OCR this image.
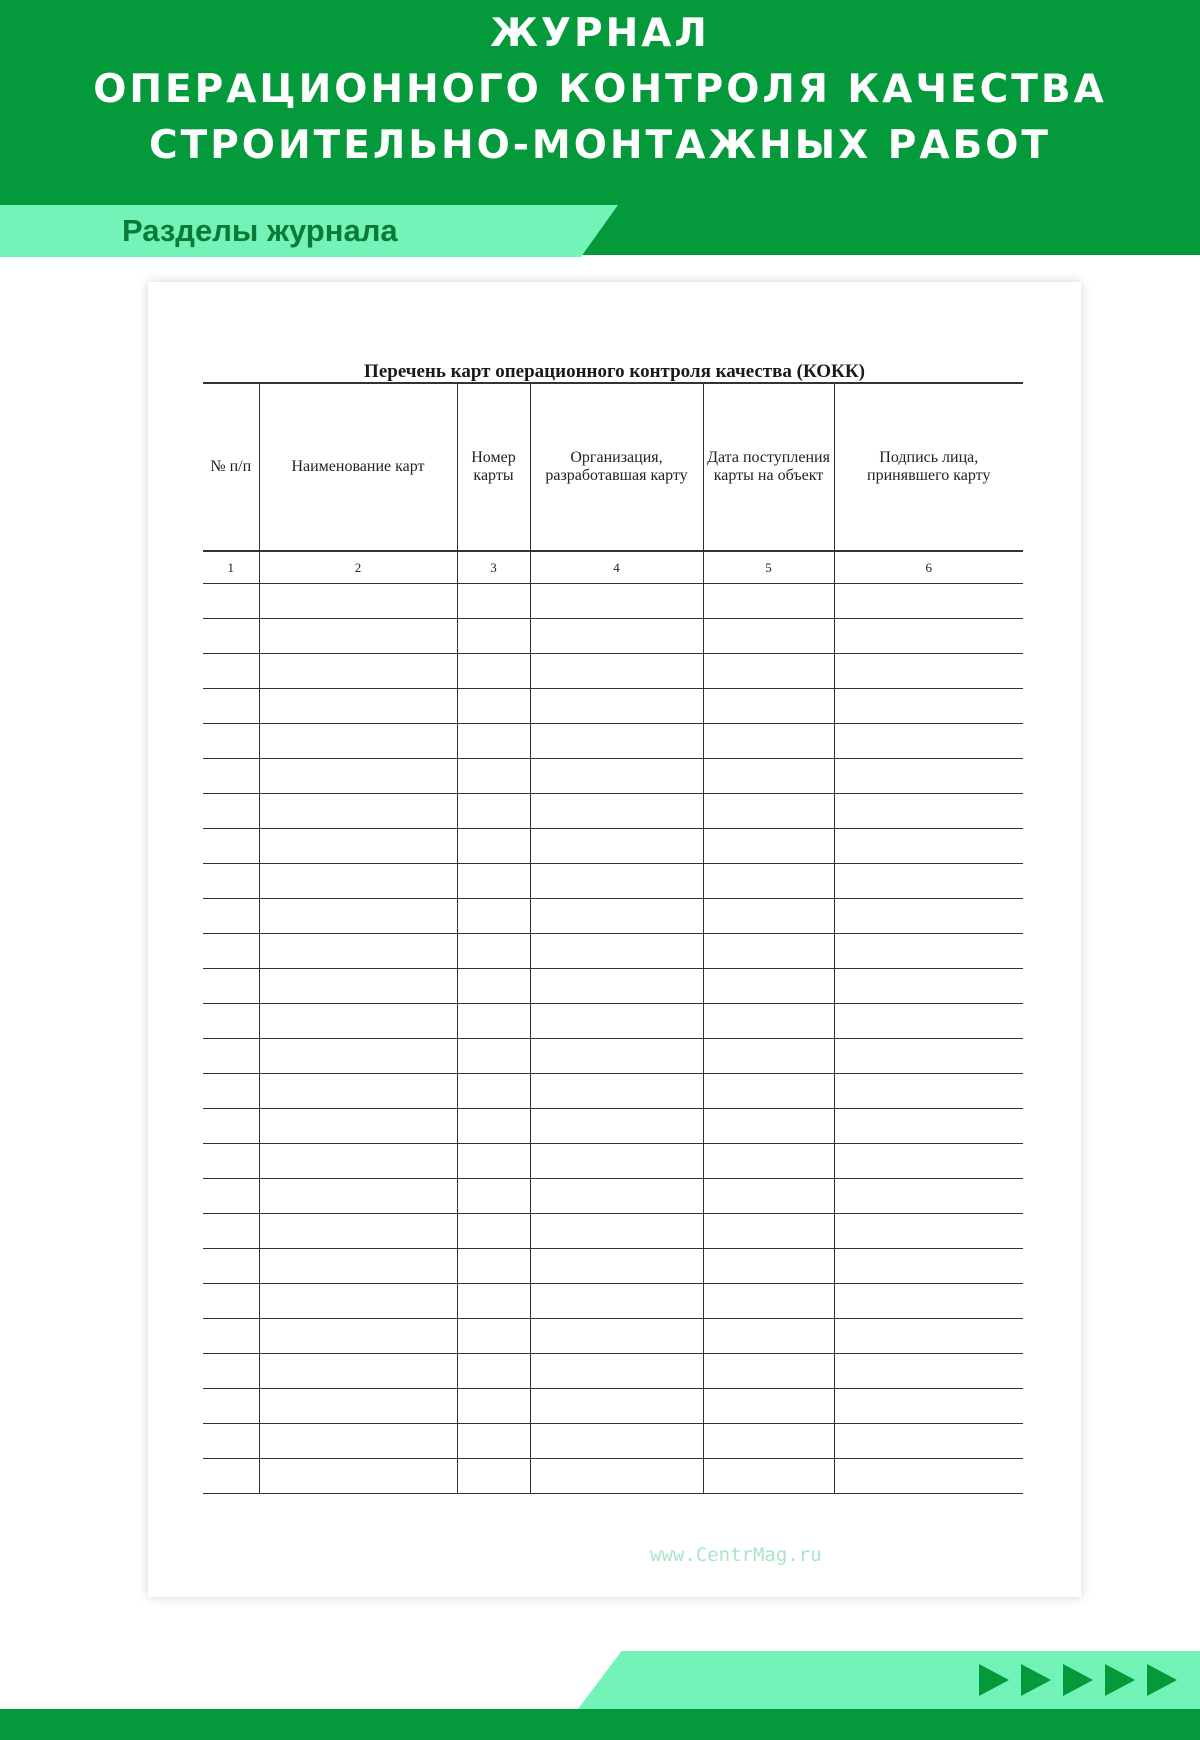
ЖУРНАЛ
ОПЕРАЦИОННОГО КОНТРОЛЯ КАЧЕСТВА
СТРОИТЕЛЬНО-МОНТАЖНЫХ РАБОТ
Разделы журнала
Перечень карт операционного контроля качества (КОКК)
№ п/п	Наименование карт	Номер карты	Организация, разработавшая карту	Дата поступления карты на объект	Подпись лица, принявшего карту
1	2	3	4	5	6

www.CentrMag.ru
